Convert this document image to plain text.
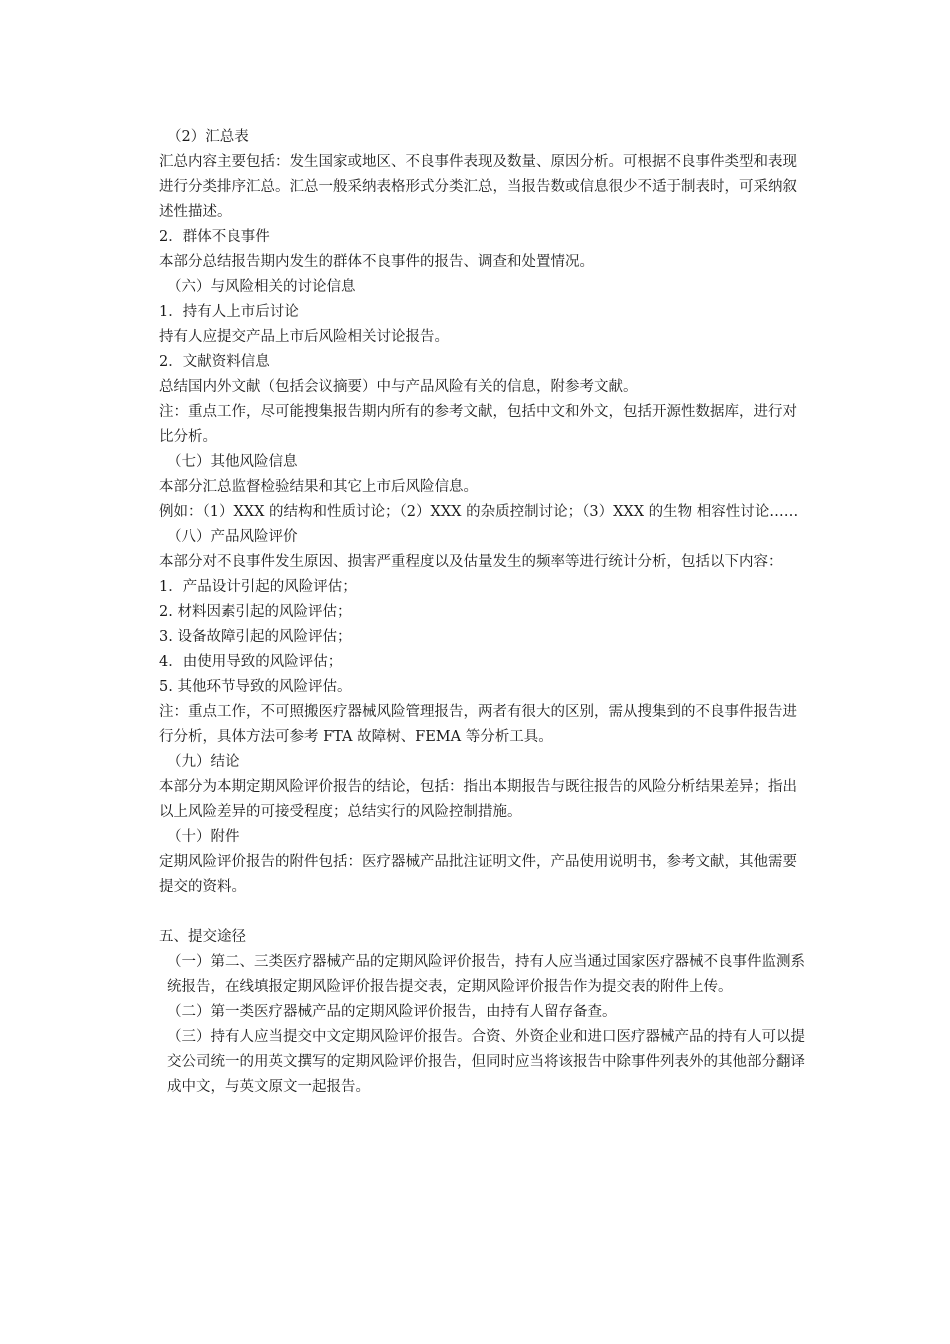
（2）汇总表

汇总内容主要包括：发生国家或地区、不良事件表现及数量、原因分析。可根据不良事件类型和表现进行分类排序汇总。汇总一般采纳表格形式分类汇总，当报告数或信息很少不适于制表时，可采纳叙述性描述。

2．群体不良事件

本部分总结报告期内发生的群体不良事件的报告、调查和处置情况。

（六）与风险相关的讨论信息

1．持有人上市后讨论

持有人应提交产品上市后风险相关讨论报告。

2．文献资料信息

总结国内外文献（包括会议摘要）中与产品风险有关的信息，附参考文献。

注：重点工作，尽可能搜集报告期内所有的参考文献，包括中文和外文，包括开源性数据库，进行对比分析。

（七）其他风险信息

本部分汇总监督检验结果和其它上市后风险信息。

例如：（1）XXX 的结构和性质讨论；（2）XXX 的杂质控制讨论；（3）XXX 的生物 相容性讨论……

（八）产品风险评价

本部分对不良事件发生原因、损害严重程度以及估量发生的频率等进行统计分析，包括以下内容：

1．产品设计引起的风险评估；

2. 材料因素引起的风险评估；

3. 设备故障引起的风险评估；

4．由使用导致的风险评估；

5. 其他环节导致的风险评估。

注：重点工作，不可照搬医疗器械风险管理报告，两者有很大的区别，需从搜集到的不良事件报告进行分析，具体方法可参考 FTA 故障树、FEMA 等分析工具。

（九）结论

本部分为本期定期风险评价报告的结论，包括：指出本期报告与既往报告的风险分析结果差异；指出以上风险差异的可接受程度；总结实行的风险控制措施。

（十）附件

定期风险评价报告的附件包括：医疗器械产品批注证明文件，产品使用说明书，参考文献，其他需要提交的资料。

五、提交途径

（一）第二、三类医疗器械产品的定期风险评价报告，持有人应当通过国家医疗器械不良事件监测系统报告，在线填报定期风险评价报告提交表，定期风险评价报告作为提交表的附件上传。

（二）第一类医疗器械产品的定期风险评价报告，由持有人留存备查。

（三）持有人应当提交中文定期风险评价报告。合资、外资企业和进口医疗器械产品的持有人可以提交公司统一的用英文撰写的定期风险评价报告，但同时应当将该报告中除事件列表外的其他部分翻译成中文，与英文原文一起报告。
